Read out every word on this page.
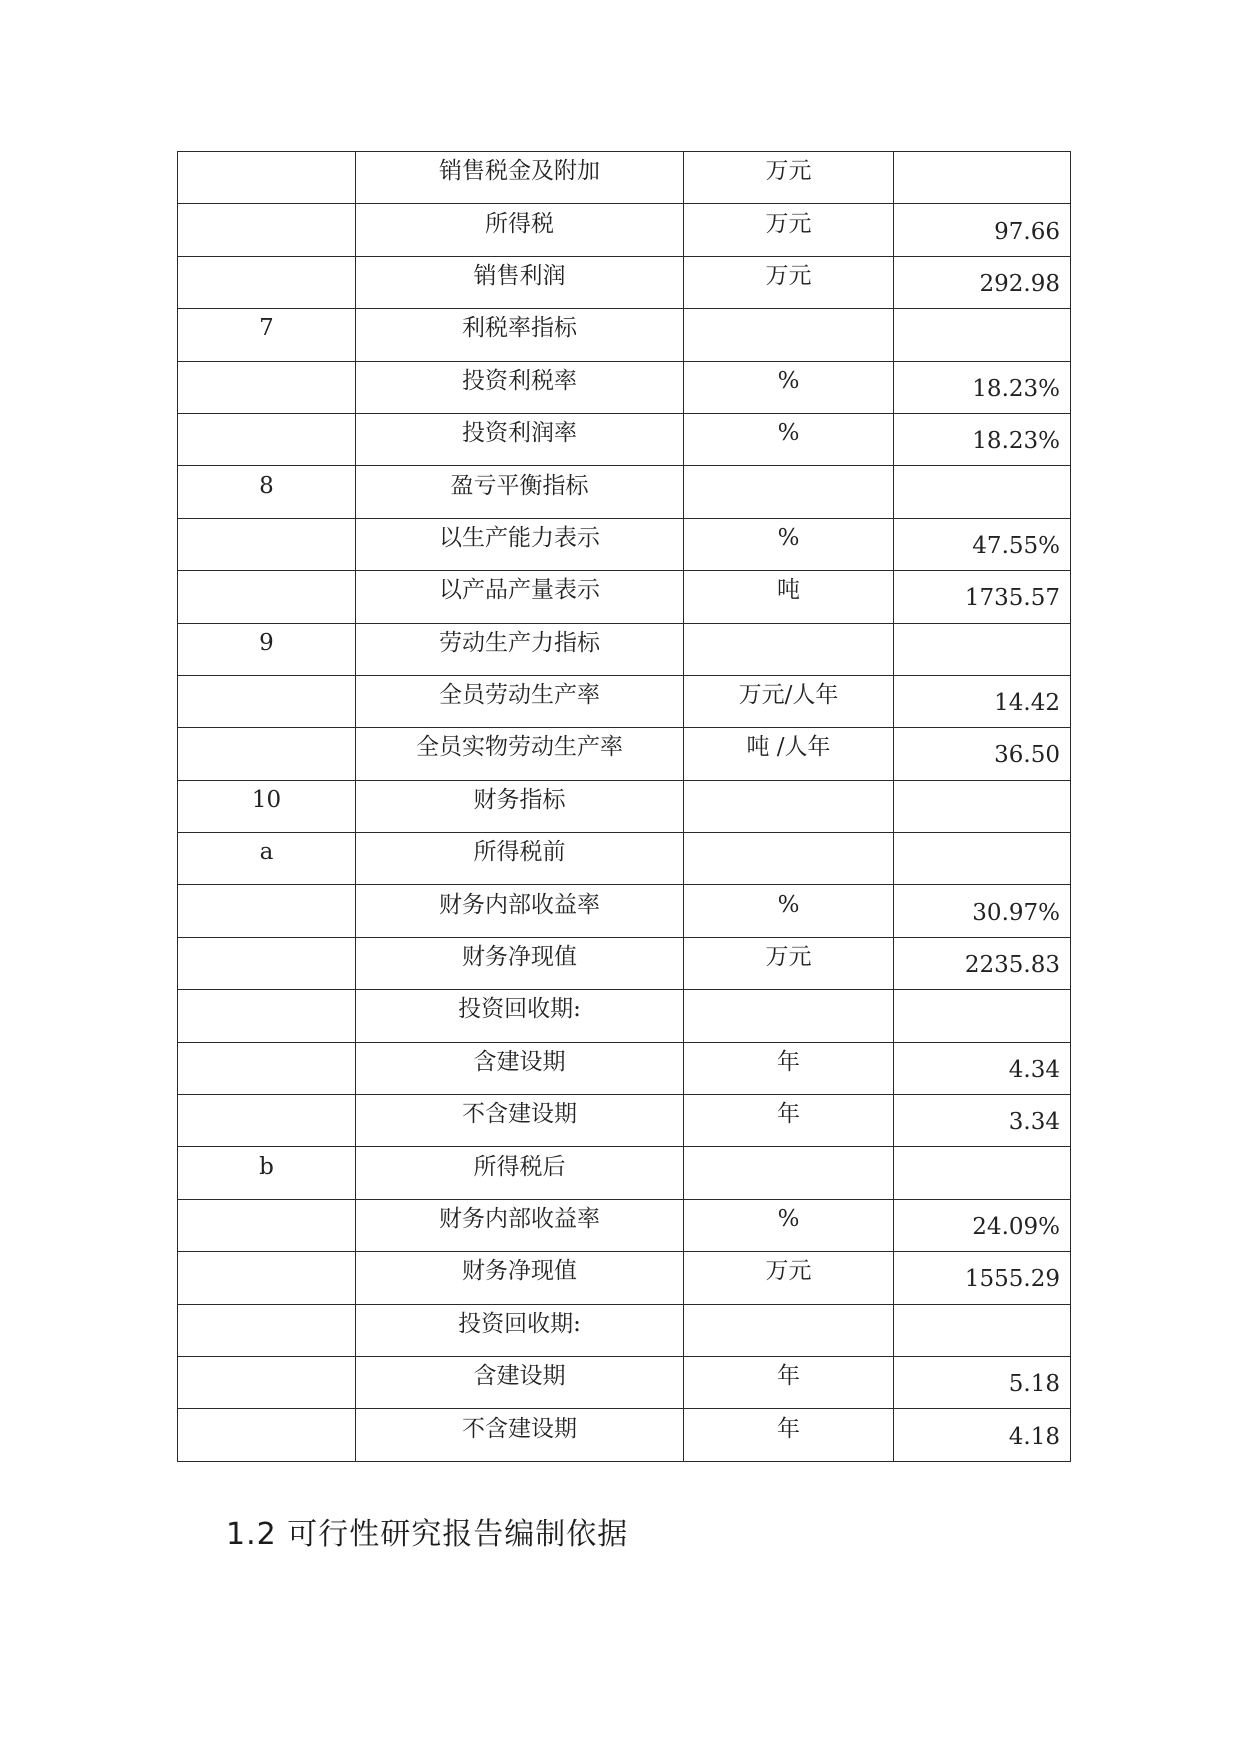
	销售税金及附加	万元	
	所得税	万元	97.66
	销售利润	万元	292.98
7	利税率指标		
	投资利税率	%	18.23%
	投资利润率	%	18.23%
8	盈亏平衡指标		
	以生产能力表示	%	47.55%
	以产品产量表示	吨	1735.57
9	劳动生产力指标		
	全员劳动生产率	万元/人年	14.42
	全员实物劳动生产率	吨 /人年	36.50
10	财务指标		
a	所得税前		
	财务内部收益率	%	30.97%
	财务净现值	万元	2235.83
	投资回收期:		
	含建设期	年	4.34
	不含建设期	年	3.34
b	所得税后		
	财务内部收益率	%	24.09%
	财务净现值	万元	1555.29
	投资回收期:		
	含建设期	年	5.18
	不含建设期	年	4.18
1.2 可行性研究报告编制依据
